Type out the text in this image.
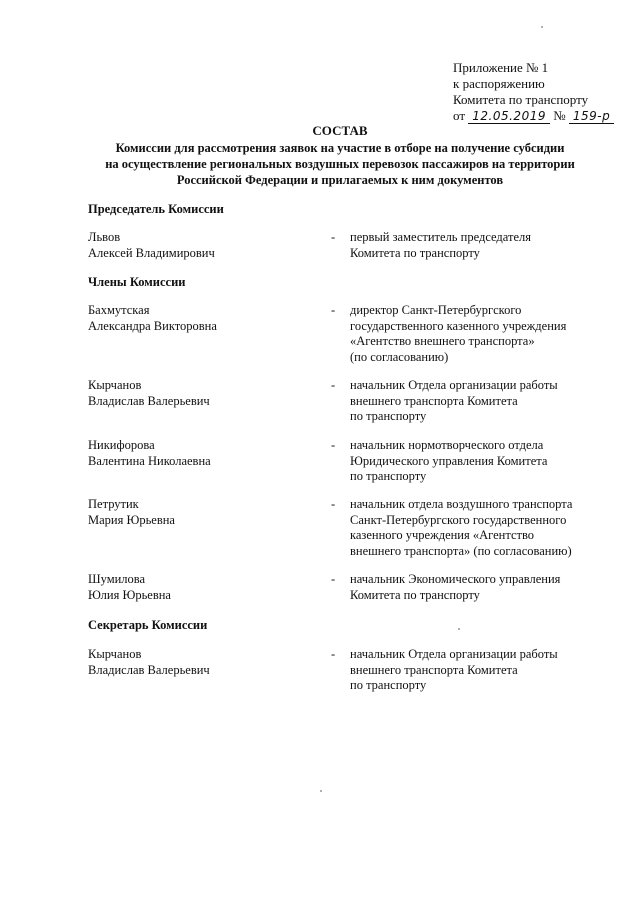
Приложение № 1
к распоряжению
Комитета по транспорту
от 12.05.2019 № 159-р
СОСТАВ
Комиссии для рассмотрения заявок на участие в отборе на получение субсидии
на осуществление региональных воздушных перевозок пассажиров на территории
Российской Федерации и прилагаемых к ним документов
Председатель Комиссии
Львов
Алексей Владимирович
- первый заместитель председателя
Комитета по транспорту
Члены Комиссии
Бахмутская
Александра Викторовна
- директор Санкт-Петербургского
государственного казенного учреждения
«Агентство внешнего транспорта»
(по согласованию)
Кырчанов
Владислав Валерьевич
- начальник Отдела организации работы
внешнего транспорта Комитета
по транспорту
Никифорова
Валентина Николаевна
- начальник нормотворческого отдела
Юридического управления Комитета
по транспорту
Петрутик
Мария Юрьевна
- начальник отдела воздушного транспорта
Санкт-Петербургского государственного
казенного учреждения «Агентство
внешнего транспорта» (по согласованию)
Шумилова
Юлия Юрьевна
- начальник Экономического управления
Комитета по транспорту
Секретарь Комиссии
Кырчанов
Владислав Валерьевич
- начальник Отдела организации работы
внешнего транспорта Комитета
по транспорту
